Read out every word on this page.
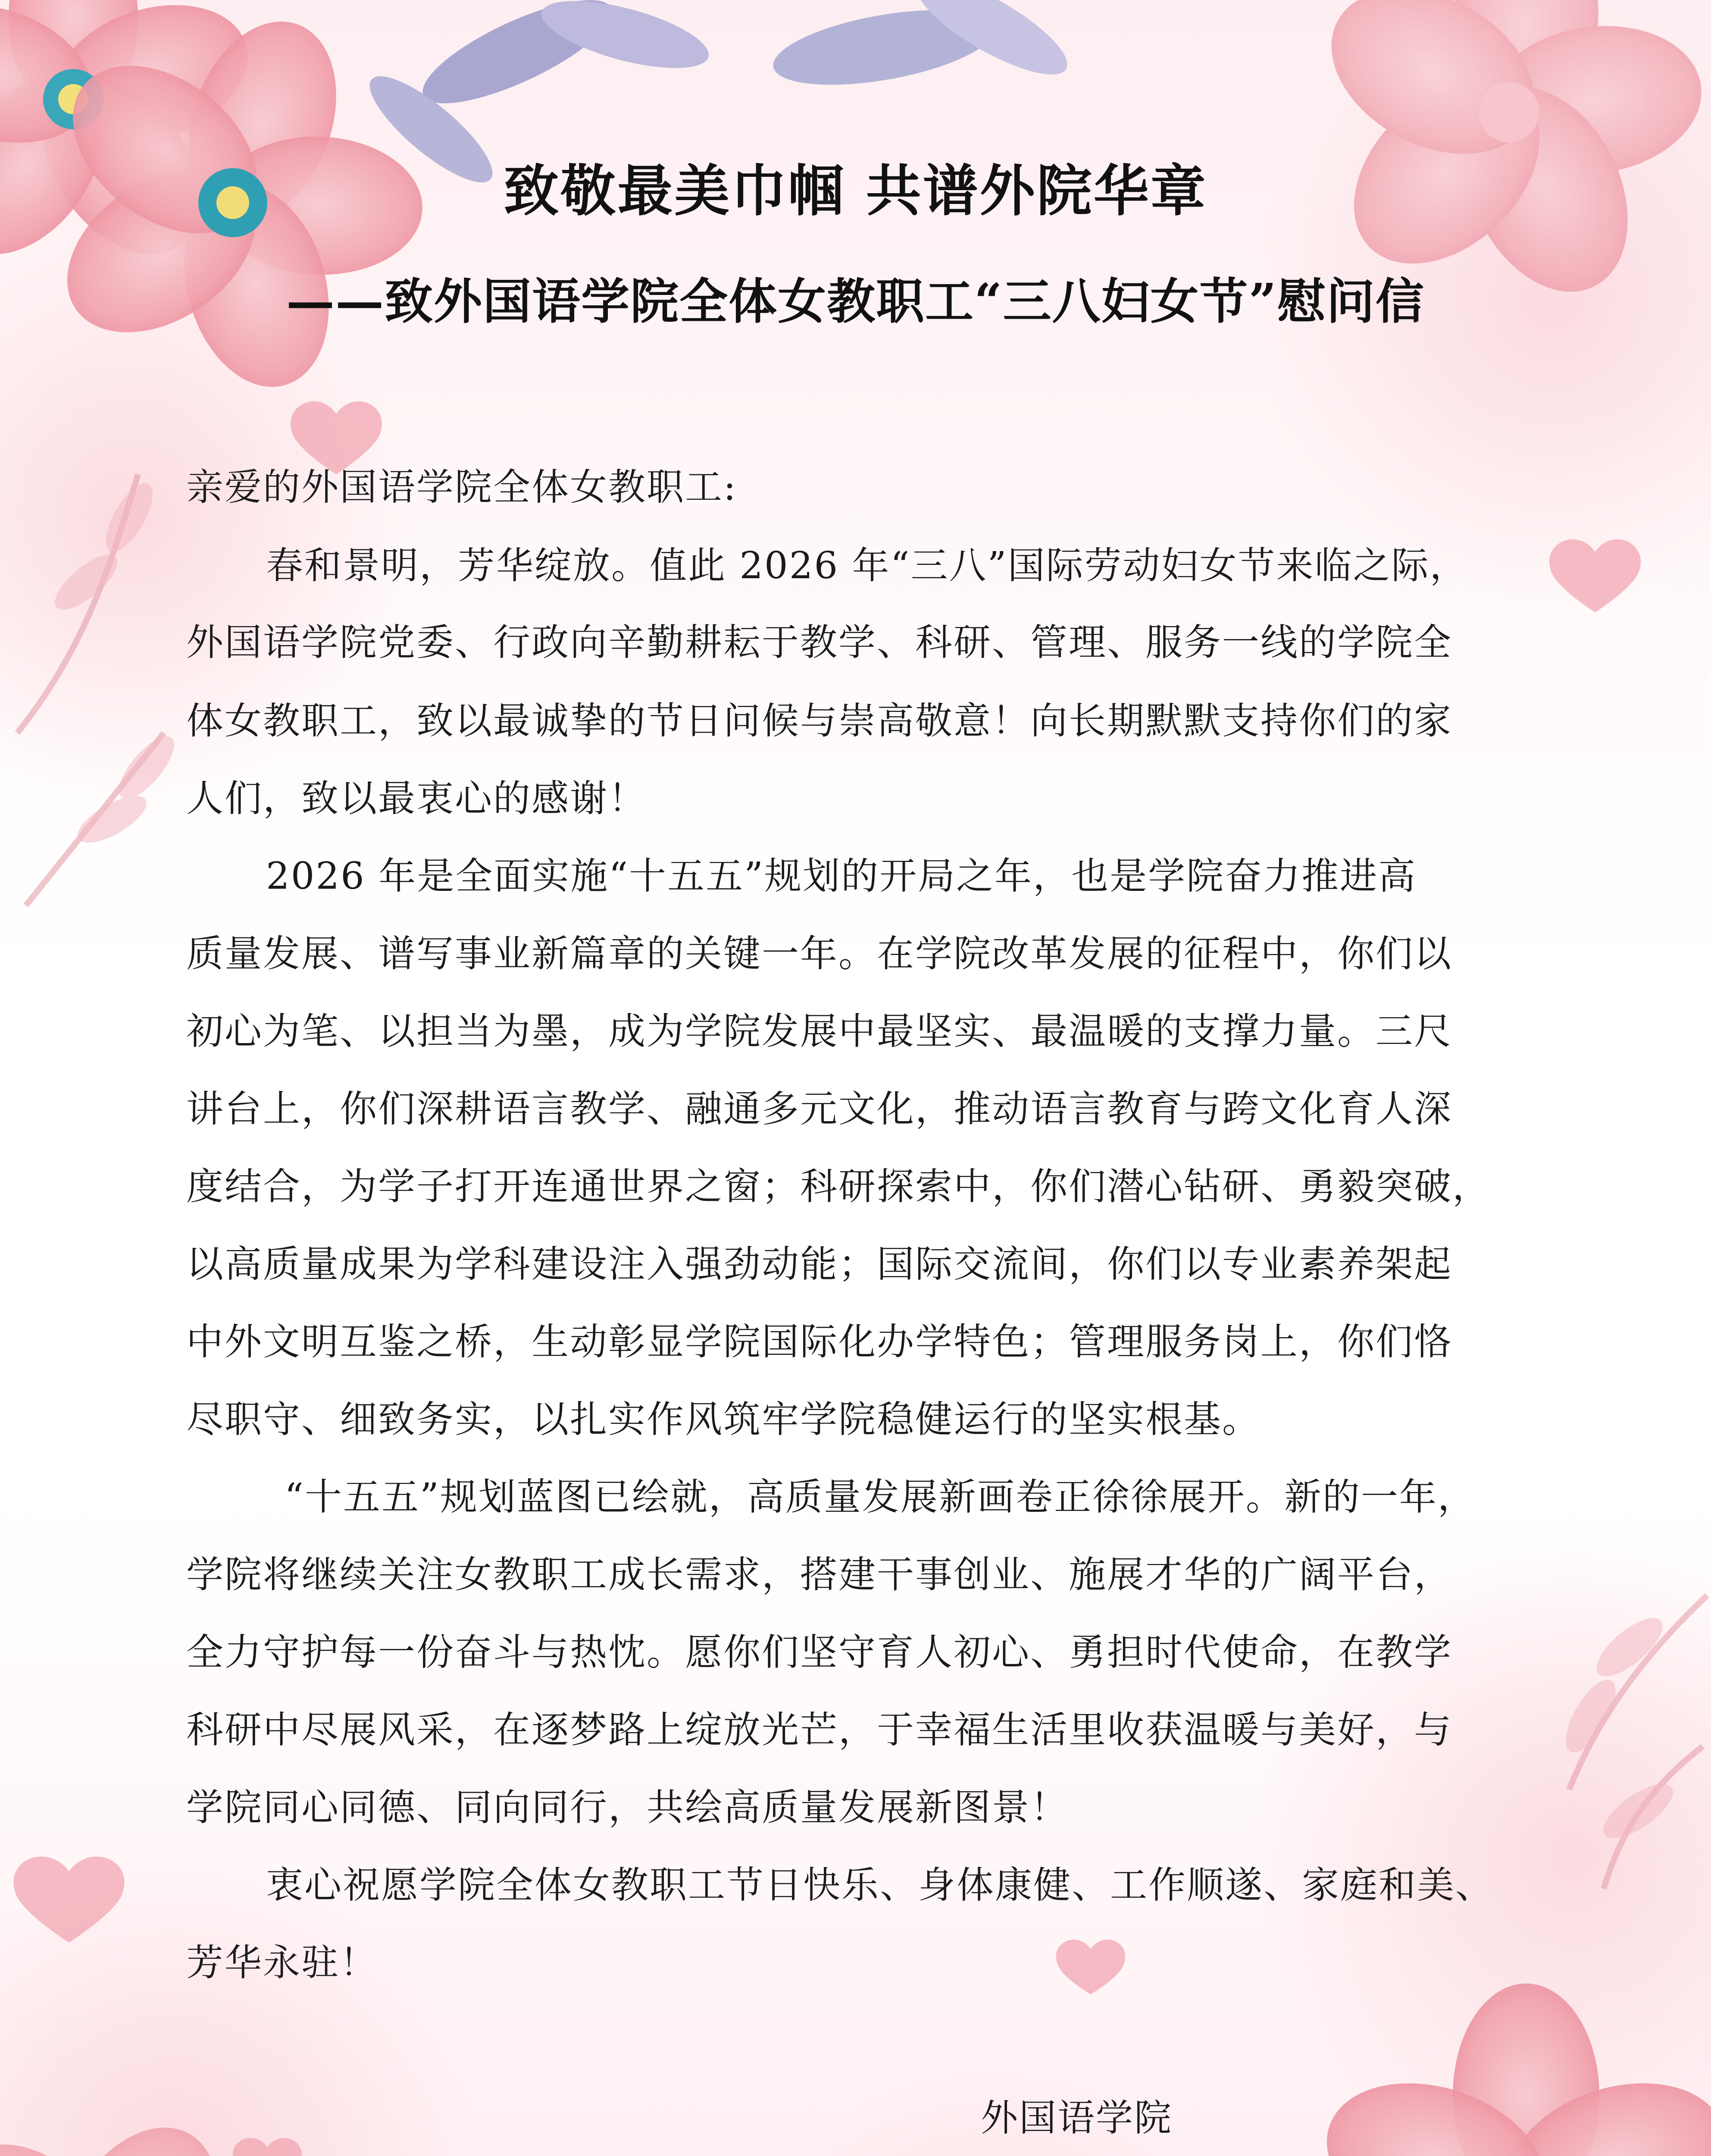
致敬最美巾帼 共谱外院华章
——致外国语学院全体女教职工“三八妇女节”慰问信

亲爱的外国语学院全体女教职工:

春和景明，芳华绽放。值此 2026 年“三八”国际劳动妇女节来临之际，

外国语学院党委、行政向辛勤耕耘于教学、科研、管理、服务一线的学院全

体女教职工，致以最诚挚的节日问候与崇高敬意！向长期默默支持你们的家

人们，致以最衷心的感谢！

2026 年是全面实施“十五五”规划的开局之年，也是学院奋力推进高

质量发展、谱写事业新篇章的关键一年。在学院改革发展的征程中，你们以

初心为笔、以担当为墨，成为学院发展中最坚实、最温暖的支撑力量。三尺

讲台上，你们深耕语言教学、融通多元文化，推动语言教育与跨文化育人深

度结合，为学子打开连通世界之窗；科研探索中，你们潜心钻研、勇毅突破，

以高质量成果为学科建设注入强劲动能；国际交流间，你们以专业素养架起

中外文明互鉴之桥，生动彰显学院国际化办学特色；管理服务岗上，你们恪

尽职守、细致务实，以扎实作风筑牢学院稳健运行的坚实根基。

“十五五”规划蓝图已绘就，高质量发展新画卷正徐徐展开。新的一年，

学院将继续关注女教职工成长需求，搭建干事创业、施展才华的广阔平台，

全力守护每一份奋斗与热忱。愿你们坚守育人初心、勇担时代使命，在教学

科研中尽展风采，在逐梦路上绽放光芒，于幸福生活里收获温暖与美好，与

学院同心同德、同向同行，共绘高质量发展新图景！

衷心祝愿学院全体女教职工节日快乐、身体康健、工作顺遂、家庭和美、

芳华永驻！

外国语学院
